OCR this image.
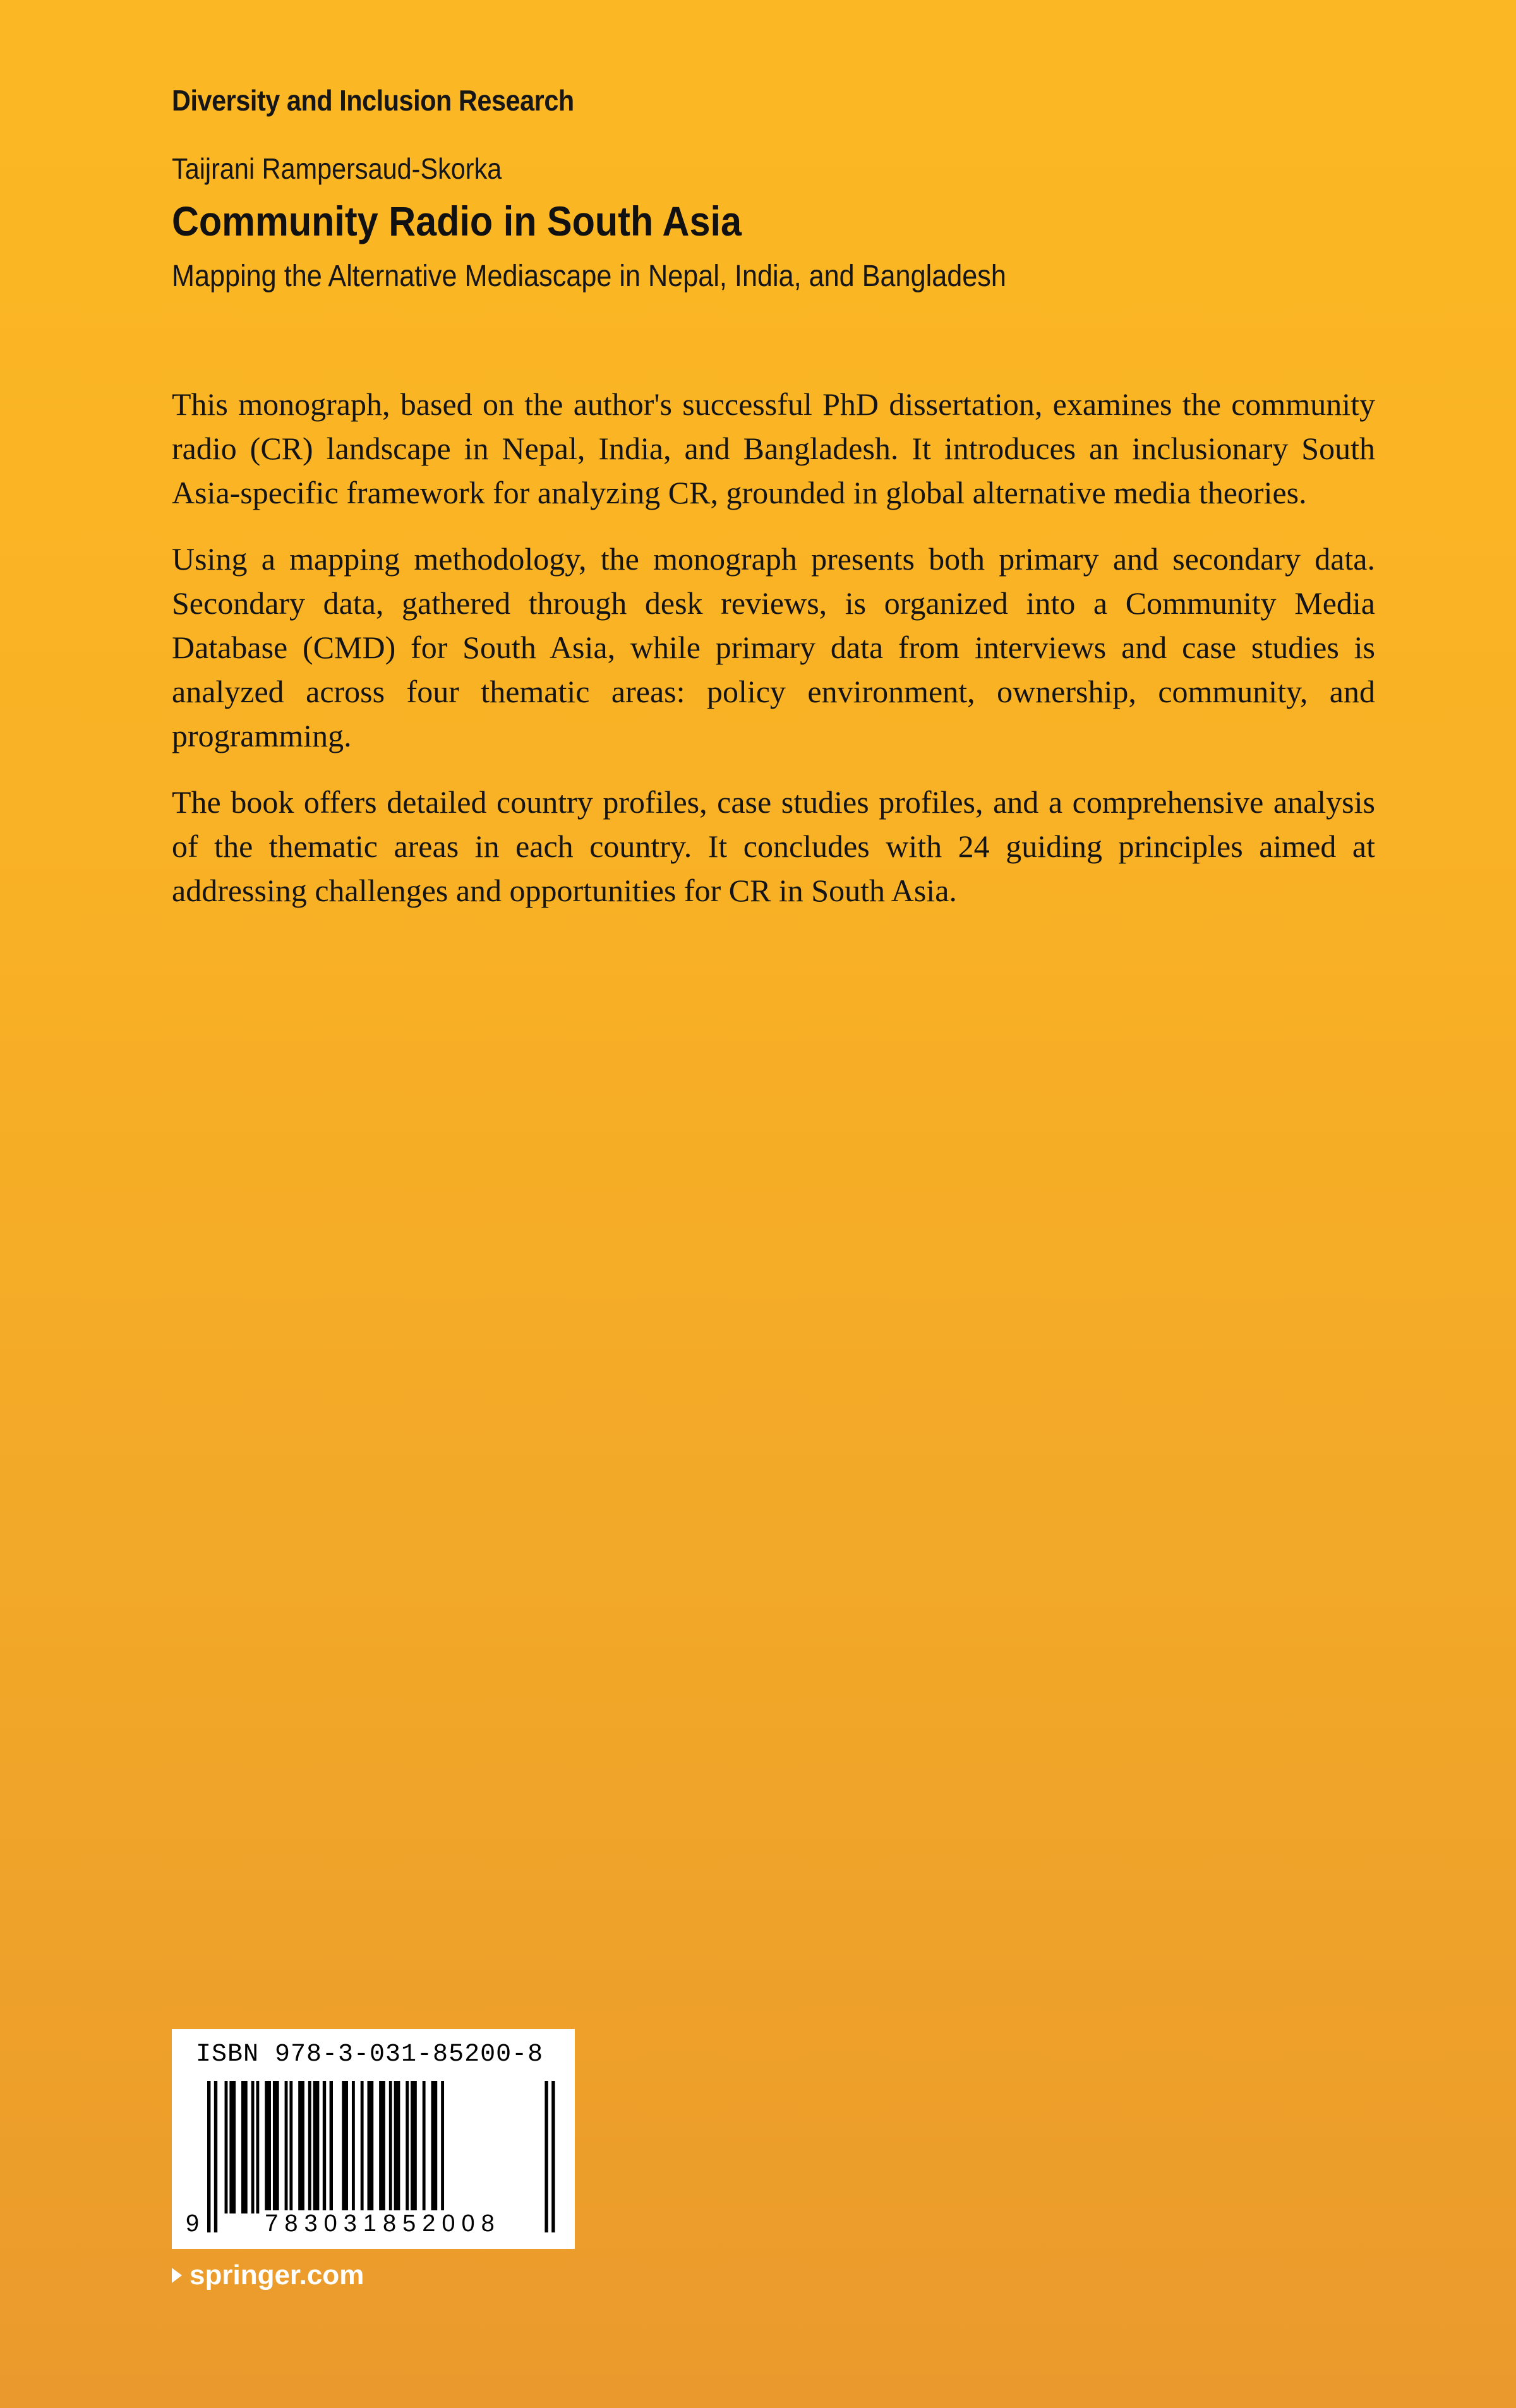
Diversity and Inclusion Research
Taijrani Rampersaud-Skorka
Community Radio in South Asia
Mapping the Alternative Mediascape in Nepal, India, and Bangladesh

This monograph, based on the author's successful PhD dissertation, examines the community radio (CR) landscape in Nepal, India, and Bangladesh. It introduces an inclusionary South Asia-specific framework for analyzing CR, grounded in global alternative media theories.

Using a mapping methodology, the monograph presents both primary and secondary data. Secondary data, gathered through desk reviews, is organized into a Community Media Database (CMD) for South Asia, while primary data from interviews and case studies is analyzed across four thematic areas: policy environment, ownership, community, and programming.

The book offers detailed country profiles, case studies profiles, and a comprehensive analysis of the thematic areas in each country. It concludes with 24 guiding principles aimed at addressing challenges and opportunities for CR in South Asia.

ISBN 978-3-031-85200-8
9	783031852008
springer.com
